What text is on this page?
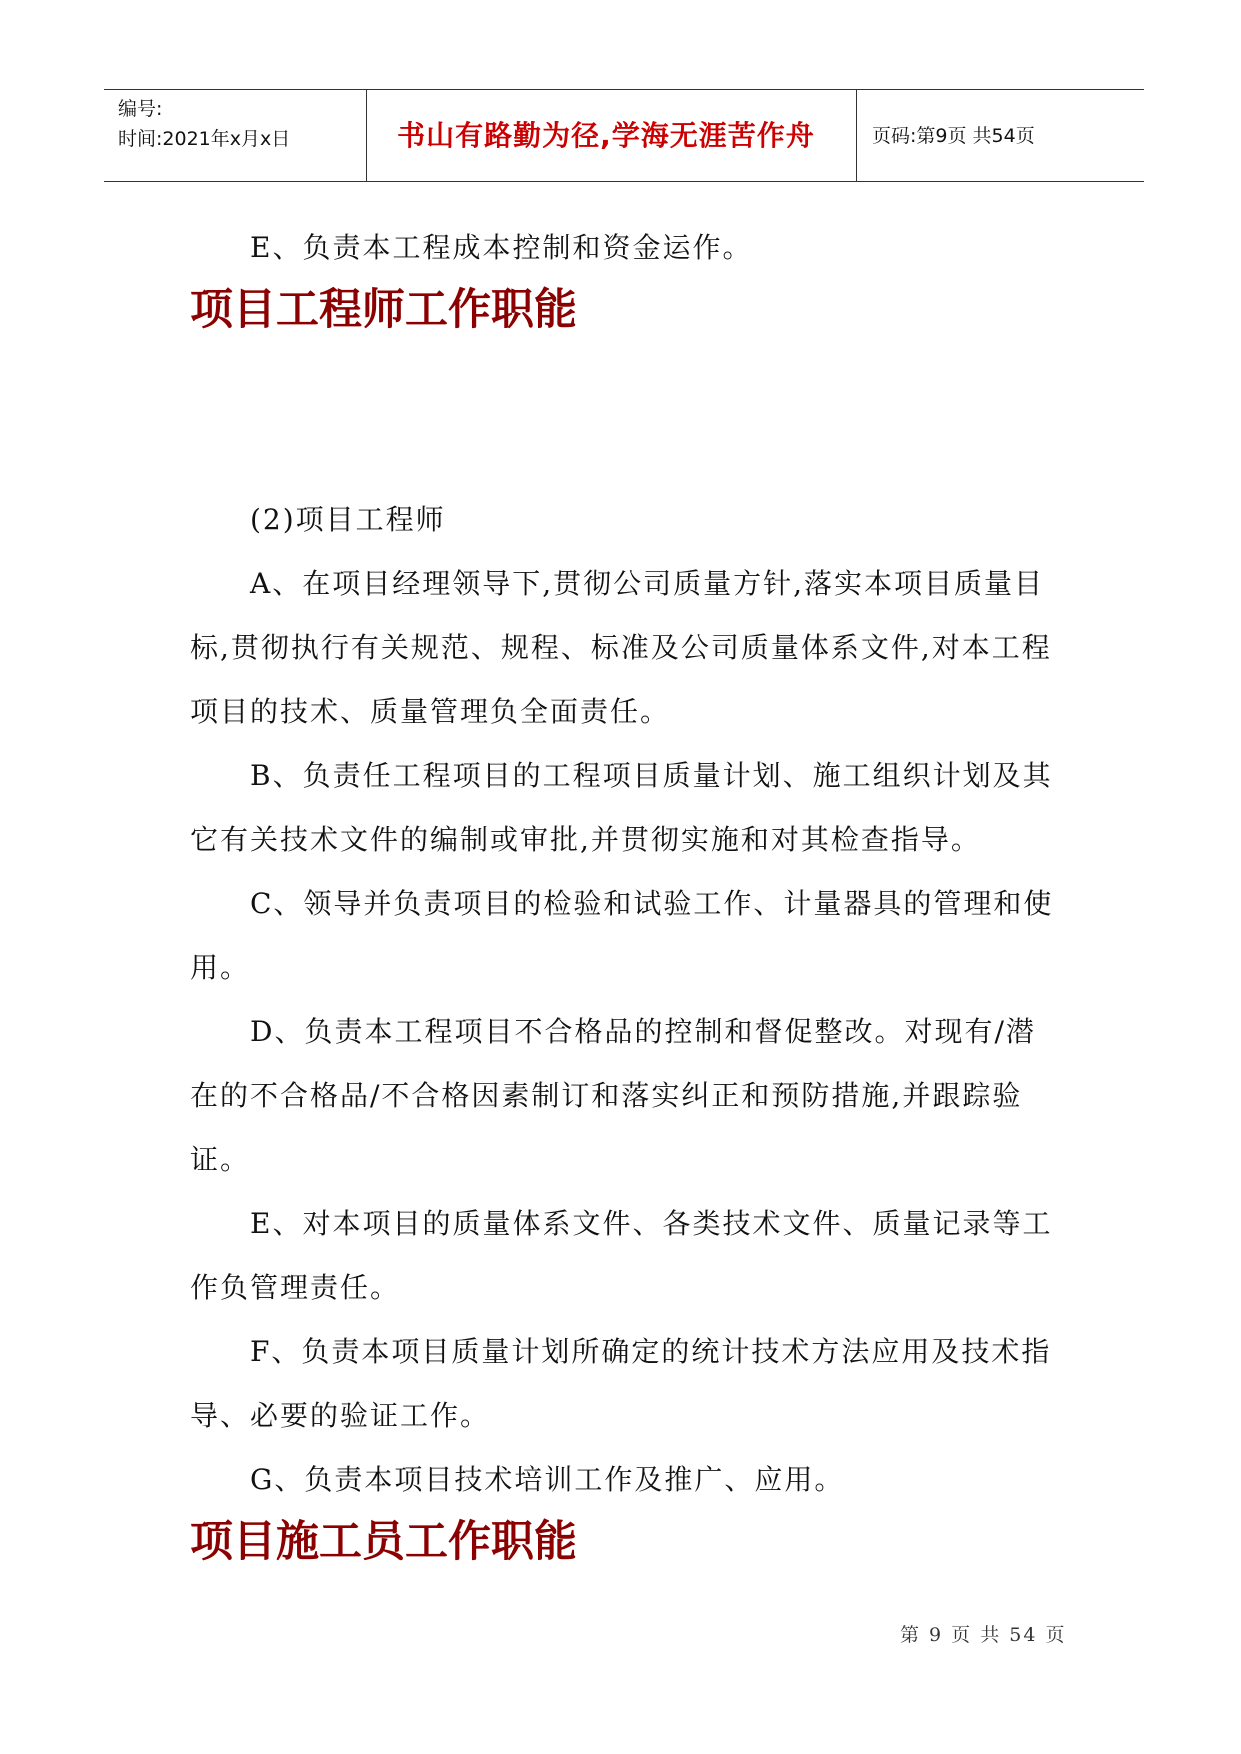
编号:
时间:2021年x月x日	书山有路勤为径,学海无涯苦作舟	页码:第9页 共54页

E、负责本工程成本控制和资金运作。

项目工程师工作职能

(2)项目工程师

A、在项目经理领导下,贯彻公司质量方针,落实本项目质量目标,贯彻执行有关规范、规程、标准及公司质量体系文件,对本工程项目的技术、质量管理负全面责任。

B、负责任工程项目的工程项目质量计划、施工组织计划及其它有关技术文件的编制或审批,并贯彻实施和对其检查指导。

C、领导并负责项目的检验和试验工作、计量器具的管理和使用。

D、负责本工程项目不合格品的控制和督促整改。对现有/潜在的不合格品/不合格因素制订和落实纠正和预防措施,并跟踪验证。

E、对本项目的质量体系文件、各类技术文件、质量记录等工作负管理责任。

F、负责本项目质量计划所确定的统计技术方法应用及技术指导、必要的验证工作。

G、负责本项目技术培训工作及推广、应用。

项目施工员工作职能
第 9 页 共 54 页
